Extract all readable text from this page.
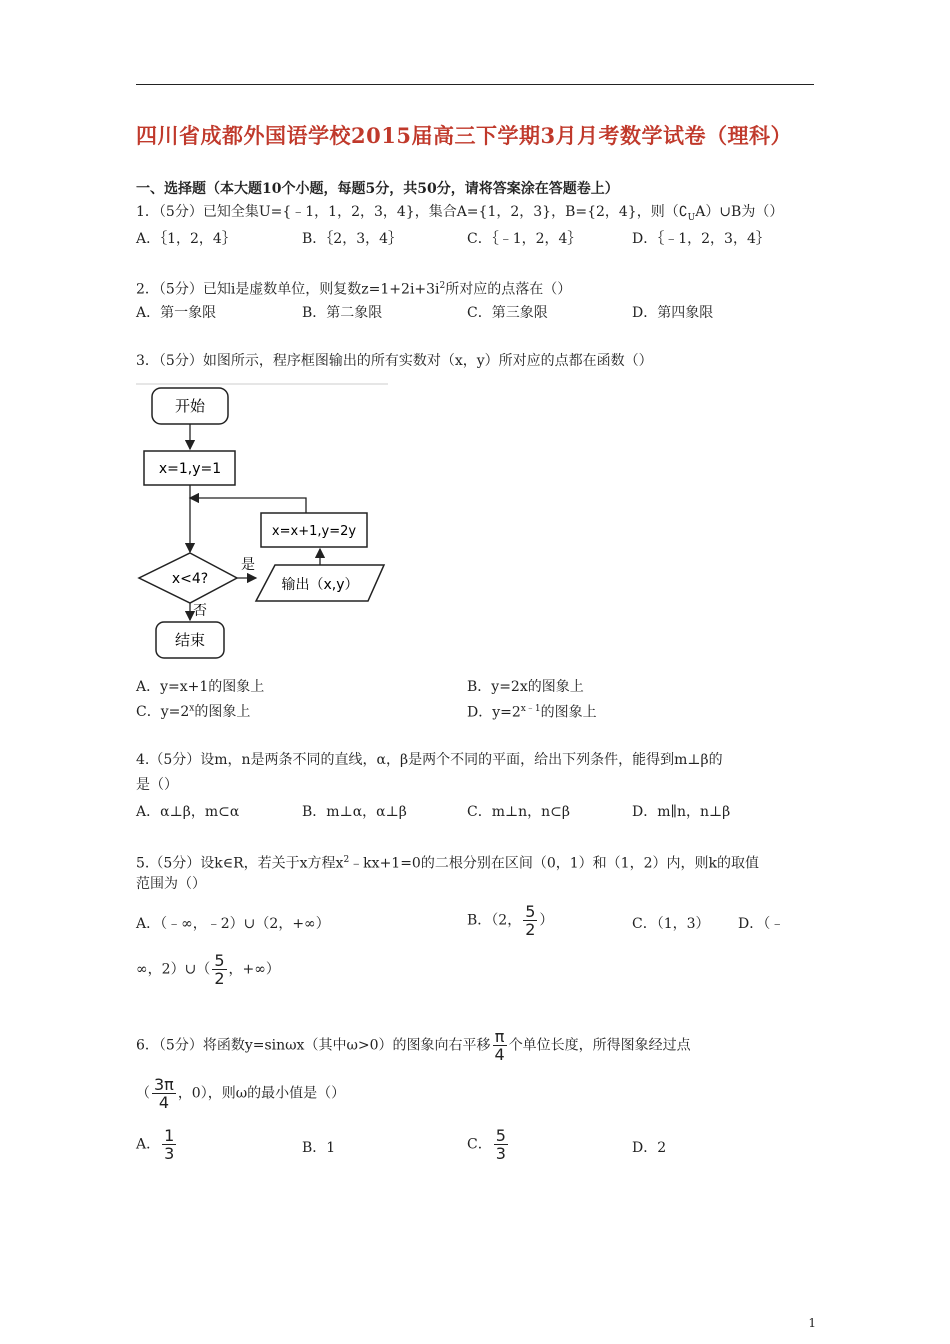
四川省成都外国语学校2015届高三下学期3月月考数学试卷（理科）
一、选择题（本大题10个小题，每题5分，共50分，请将答案涂在答题卷上）
1．（5分）已知全集U={﹣1，1，2，3，4}，集合A={1，2，3}，B={2，4}，则$(∁_UA)\cup B$为（）
A．｛1，2，4｝	B．｛2，3，4｝	C．｛﹣1，2，4｝	D．｛﹣1，2，3，4｝
2．（5分）已知i是虚数单位，则复数$z=1+2i+3i^2$所对应的点落在（）
A．第一象限	B．第二象限	C．第三象限	D．第四象限
3．（5分）如图所示，程序框图输出的所有实数对（x，y）所对应的点都在函数（）
开始
x=1,y=1
x=x+1,y=2y
x<4?
是
输出（x,y）
否
结束
A．y=x+1的图象上	B．y=2x的图象上
C．$y=2^x$的图象上	D．$y=2^{x﹣1}$的图象上
4.（5分）设m，n是两条不同的直线，α，β是两个不同的平面，给出下列条件，能得到m⊥β的
是（）
A．α⊥β，m⊂α	B．m⊥α，α⊥β	C．m⊥n，n⊂β	D．m∥n，n⊥β
5.（5分）设k∈R，若关于x方程$x^2﹣kx+1=0$的二根分别在区间（0，1）和（1，2）内，则k的取值
范围为（）
A．（﹣∞，﹣2）∪（2，+∞）	B．（2， $\frac{5}{2}$ ）	C．（1，3） D．（﹣
∞，2）∪（ $\frac{5}{2}$ ，+∞）
6．（5分）将函数y=sinωx（其中ω>0）的图象向右平移 $\frac{\pi}{4}$ 个单位长度，所得图象经过点
（ $\frac{3\pi}{4}$ ，0），则ω的最小值是（）
A． $\frac{1}{3}$	B．1	C． $\frac{5}{3}$	D．2
1
